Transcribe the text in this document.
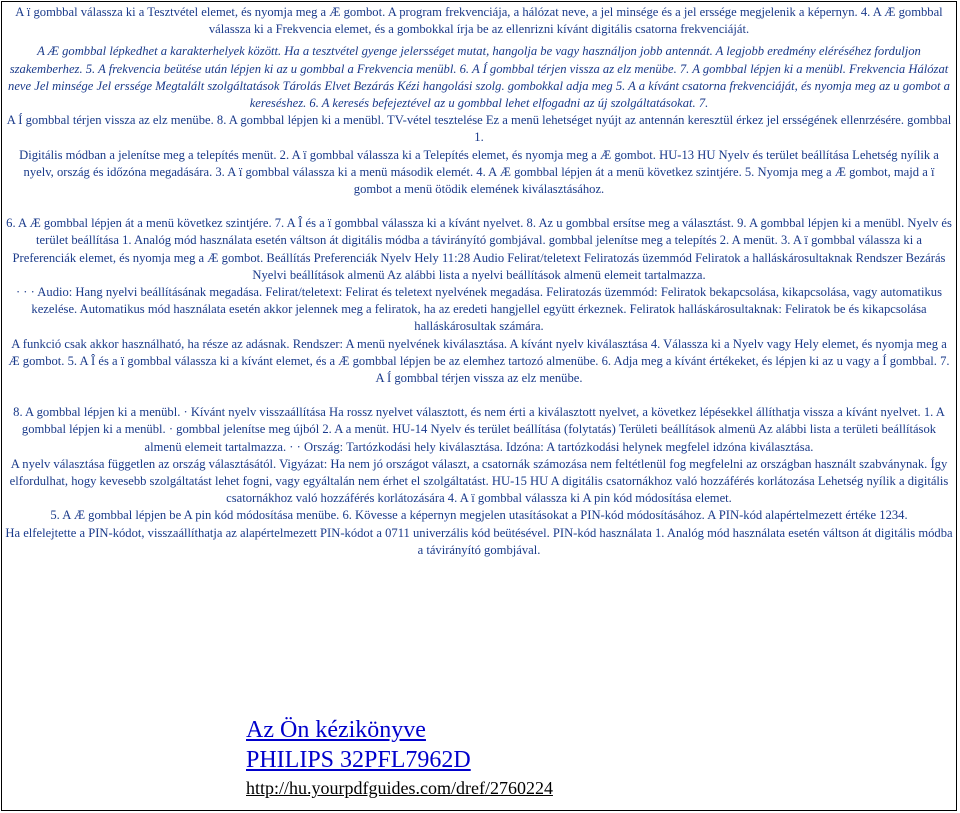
A ï gombbal válassza ki a Tesztvétel elemet, és nyomja meg a Æ gombot. A program frekvenciája, a hálózat neve, a jel minsége és a jel erssége megjelenik a képernyn. 4. A Æ gombbal válassza ki a Frekvencia elemet, és a gombokkal írja be az ellenrizni kívánt digitális csatorna frekvenciáját.

A Æ gombbal lépkedhet a karakterhelyek között. Ha a tesztvétel gyenge jelersséget mutat, hangolja be vagy használjon jobb antennát. A legjobb eredmény eléréséhez forduljon szakemberhez. 5. A frekvencia beütése után lépjen ki az u gombbal a Frekvencia menübl. 6. A Í gombbal térjen vissza az elz menübe. 7. A gombbal lépjen ki a menübl. Frekvencia Hálózat neve Jel minsége Jel erssége Megtalált szolgáltatások Tárolás Elvet Bezárás Kézi hangolási szolg. gombokkal adja meg 5. A a kívánt csatorna frekvenciáját, és nyomja meg az u gombot a kereséshez. 6. A keresés befejeztével az u gombbal lehet elfogadni az új szolgáltatásokat. 7.

A Í gombbal térjen vissza az elz menübe. 8. A gombbal lépjen ki a menübl. TV-vétel tesztelése Ez a menü lehetséget nyújt az antennán keresztül érkez jel ersségének ellenrzésére. gombbal 1.

Digitális módban a jelenítse meg a telepítés menüt. 2. A ï gombbal válassza ki a Telepítés elemet, és nyomja meg a Æ gombot. HU-13 HU Nyelv és terület beállítása Lehetség nyílik a nyelv, ország és időzóna megadására. 3. A ï gombbal válassza ki a menü második elemét. 4. A Æ gombbal lépjen át a menü következ szintjére. 5. Nyomja meg a Æ gombot, majd a ï gombot a menü ötödik elemének kiválasztásához.

6. A Æ gombbal lépjen át a menü következ szintjére. 7. A Î és a ï gombbal válassza ki a kívánt nyelvet. 8. Az u gombbal ersítse meg a választást. 9. A gombbal lépjen ki a menübl. Nyelv és terület beállítása 1. Analóg mód használata esetén váltson át digitális módba a távirányító gombjával. gombbal jelenítse meg a telepítés 2. A menüt. 3. A ï gombbal válassza ki a Preferenciák elemet, és nyomja meg a Æ gombot. Beállítás Preferenciák Nyelv Hely 11:28 Audio Felirat/teletext Feliratozás üzemmód Feliratok a halláskárosultaknak Rendszer Bezárás Nyelvi beállítások almenü Az alábbi lista a nyelvi beállítások almenü elemeit tartalmazza.

· · · Audio: Hang nyelvi beállításának megadása. Felirat/teletext: Felirat és teletext nyelvének megadása. Feliratozás üzemmód: Feliratok bekapcsolása, kikapcsolása, vagy automatikus kezelése. Automatikus mód használata esetén akkor jelennek meg a feliratok, ha az eredeti hangjellel együtt érkeznek. Feliratok halláskárosultaknak: Feliratok be és kikapcsolása halláskárosultak számára.

A funkció csak akkor használható, ha része az adásnak. Rendszer: A menü nyelvének kiválasztása. A kívánt nyelv kiválasztása 4. Válassza ki a Nyelv vagy Hely elemet, és nyomja meg a Æ gombot. 5. A Î és a ï gombbal válassza ki a kívánt elemet, és a Æ gombbal lépjen be az elemhez tartozó almenübe. 6. Adja meg a kívánt értékeket, és lépjen ki az u vagy a Í gombbal. 7. A Í gombbal térjen vissza az elz menübe.

8. A gombbal lépjen ki a menübl. · Kívánt nyelv visszaállítása Ha rossz nyelvet választott, és nem érti a kiválasztott nyelvet, a következ lépésekkel állíthatja vissza a kívánt nyelvet. 1. A gombbal lépjen ki a menübl. · gombbal jelenítse meg újból 2. A a menüt. HU-14 Nyelv és terület beállítása (folytatás) Területi beállítások almenü Az alábbi lista a területi beállítások almenü elemeit tartalmazza. · · Ország: Tartózkodási hely kiválasztása. Idzóna: A tartózkodási helynek megfelel idzóna kiválasztása.

A nyelv választása független az ország választásától. Vigyázat: Ha nem jó országot választ, a csatornák számozása nem feltétlenül fog megfelelni az országban használt szabványnak. Így elfordulhat, hogy kevesebb szolgáltatást lehet fogni, vagy egyáltalán nem érhet el szolgáltatást. HU-15 HU A digitális csatornákhoz való hozzáférés korlátozása Lehetség nyílik a digitális csatornákhoz való hozzáférés korlátozására 4. A ï gombbal válassza ki A pin kód módosítása elemet.

5. A Æ gombbal lépjen be A pin kód módosítása menübe. 6. Kövesse a képernyn megjelen utasításokat a PIN-kód módosításához. A PIN-kód alapértelmezett értéke 1234.

Ha elfelejtette a PIN-kódot, visszaállíthatja az alapértelmezett PIN-kódot a 0711 univerzális kód beütésével. PIN-kód használata 1. Analóg mód használata esetén váltson át digitális módba a távirányító gombjával.

Az Ön kézikönyve
PHILIPS 32PFL7962D
http://hu.yourpdfguides.com/dref/2760224
